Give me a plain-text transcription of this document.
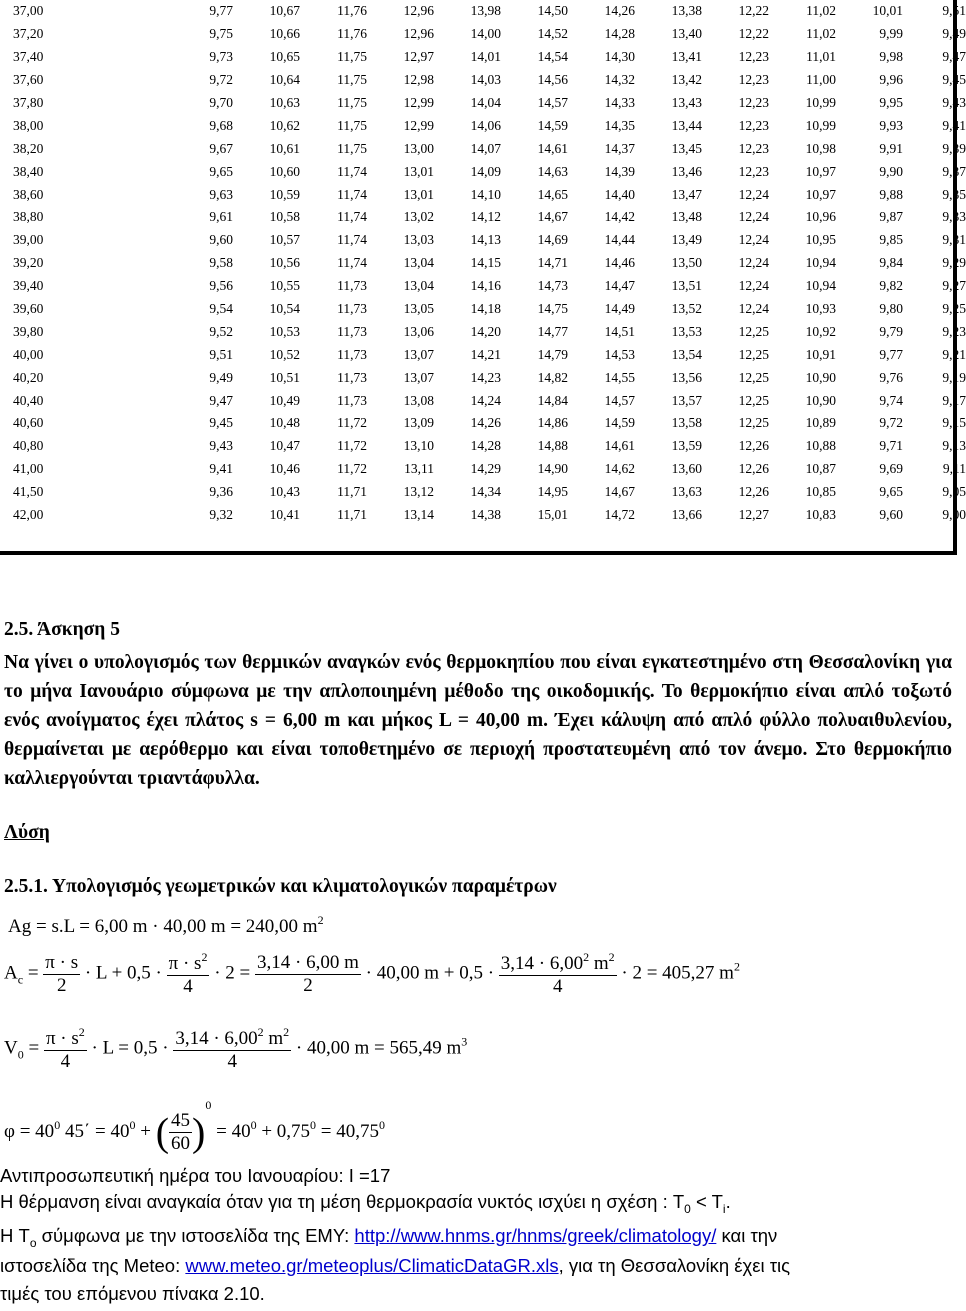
37,00	9,77	10,67	11,76	12,96	13,98	14,50	14,26	13,38	12,22	11,02	10,01	9,51
37,20	9,75	10,66	11,76	12,96	14,00	14,52	14,28	13,40	12,22	11,02	9,99	9,49
37,40	9,73	10,65	11,75	12,97	14,01	14,54	14,30	13,41	12,23	11,01	9,98	9,47
37,60	9,72	10,64	11,75	12,98	14,03	14,56	14,32	13,42	12,23	11,00	9,96	9,45
37,80	9,70	10,63	11,75	12,99	14,04	14,57	14,33	13,43	12,23	10,99	9,95	9,43
38,00	9,68	10,62	11,75	12,99	14,06	14,59	14,35	13,44	12,23	10,99	9,93	9,41
38,20	9,67	10,61	11,75	13,00	14,07	14,61	14,37	13,45	12,23	10,98	9,91	9,39
38,40	9,65	10,60	11,74	13,01	14,09	14,63	14,39	13,46	12,23	10,97	9,90	9,37
38,60	9,63	10,59	11,74	13,01	14,10	14,65	14,40	13,47	12,24	10,97	9,88	9,35
38,80	9,61	10,58	11,74	13,02	14,12	14,67	14,42	13,48	12,24	10,96	9,87	9,33
39,00	9,60	10,57	11,74	13,03	14,13	14,69	14,44	13,49	12,24	10,95	9,85	9,31
39,20	9,58	10,56	11,74	13,04	14,15	14,71	14,46	13,50	12,24	10,94	9,84	9,29
39,40	9,56	10,55	11,73	13,04	14,16	14,73	14,47	13,51	12,24	10,94	9,82	9,27
39,60	9,54	10,54	11,73	13,05	14,18	14,75	14,49	13,52	12,24	10,93	9,80	9,25
39,80	9,52	10,53	11,73	13,06	14,20	14,77	14,51	13,53	12,25	10,92	9,79	9,23
40,00	9,51	10,52	11,73	13,07	14,21	14,79	14,53	13,54	12,25	10,91	9,77	9,21
40,20	9,49	10,51	11,73	13,07	14,23	14,82	14,55	13,56	12,25	10,90	9,76	9,19
40,40	9,47	10,49	11,73	13,08	14,24	14,84	14,57	13,57	12,25	10,90	9,74	9,17
40,60	9,45	10,48	11,72	13,09	14,26	14,86	14,59	13,58	12,25	10,89	9,72	9,15
40,80	9,43	10,47	11,72	13,10	14,28	14,88	14,61	13,59	12,26	10,88	9,71	9,13
41,00	9,41	10,46	11,72	13,11	14,29	14,90	14,62	13,60	12,26	10,87	9,69	9,11
41,50	9,36	10,43	11,71	13,12	14,34	14,95	14,67	13,63	12,26	10,85	9,65	9,05
42,00	9,32	10,41	11,71	13,14	14,38	15,01	14,72	13,66	12,27	10,83	9,60	9,00
2.5. Άσκηση 5
Να γίνει ο υπολογισμός των θερμικών αναγκών ενός θερμοκηπίου που είναι εγκατεστημένο στη Θεσσαλονίκη για το μήνα Ιανουάριο σύμφωνα με την απλοποιημένη μέθοδο της οικοδομικής. Το θερμοκήπιο είναι απλό τοξωτό ενός ανοίγματος έχει πλάτος s = 6,00 m και μήκος L = 40,00 m. Έχει κάλυψη από απλό φύλλο πολυαιθυλενίου, θερμαίνεται με αερόθερμο και είναι τοποθετημένο σε περιοχή προστατευμένη από τον άνεμο. Στο θερμοκήπιο καλλιεργούνται τριαντάφυλλα.
Λύση
2.5.1. Υπολογισμός γεωμετρικών και κλιματολογικών παραμέτρων
Ag = s.L = 6,00 m · 40,00 m = 240,00 $m^2$
$A_c = \frac{\pi \cdot s}{2} \cdot L + 0,5 \cdot \frac{\pi \cdot s^2}{4} \cdot 2 = \frac{3,14 \cdot 6,00 m}{2} \cdot 40,00$ $m + 0,5 \cdot \frac{3,14 \cdot 6,00^2 m^2}{4} \cdot 2 = 405,27$ $m^2$
$V_0 = \frac{\pi \cdot s^2}{4} \cdot L = 0,5 \cdot \frac{3,14 \cdot 6,00^2 m^2}{4} \cdot 40,00$ m = 565,49 $m^3$
$\varphi = 40^0$ $45΄ = 40^0$ + ( $\frac{45}{60} )^0 = 40^0 + 0,75^0 = 40,75^0$
Αντιπροσωπευτική ημέρα του Ιανουαρίου: I =17
Η θέρμανση είναι αναγκαία όταν για τη μέση θερμοκρασία νυκτός ισχύει η σχέση : $T_0 < T_i$.
Η $T_o$ σύμφωνα με την ιστοσελίδα της ΕΜΥ: http://www.hnms.gr/hnms/greek/climatology/ και την
ιστοσελίδα της Meteo: www.meteo.gr/meteoplus/ClimaticDataGR.xls, για τη Θεσσαλονίκη έχει τις
τιμές του επόμενου πίνακα 2.10.
